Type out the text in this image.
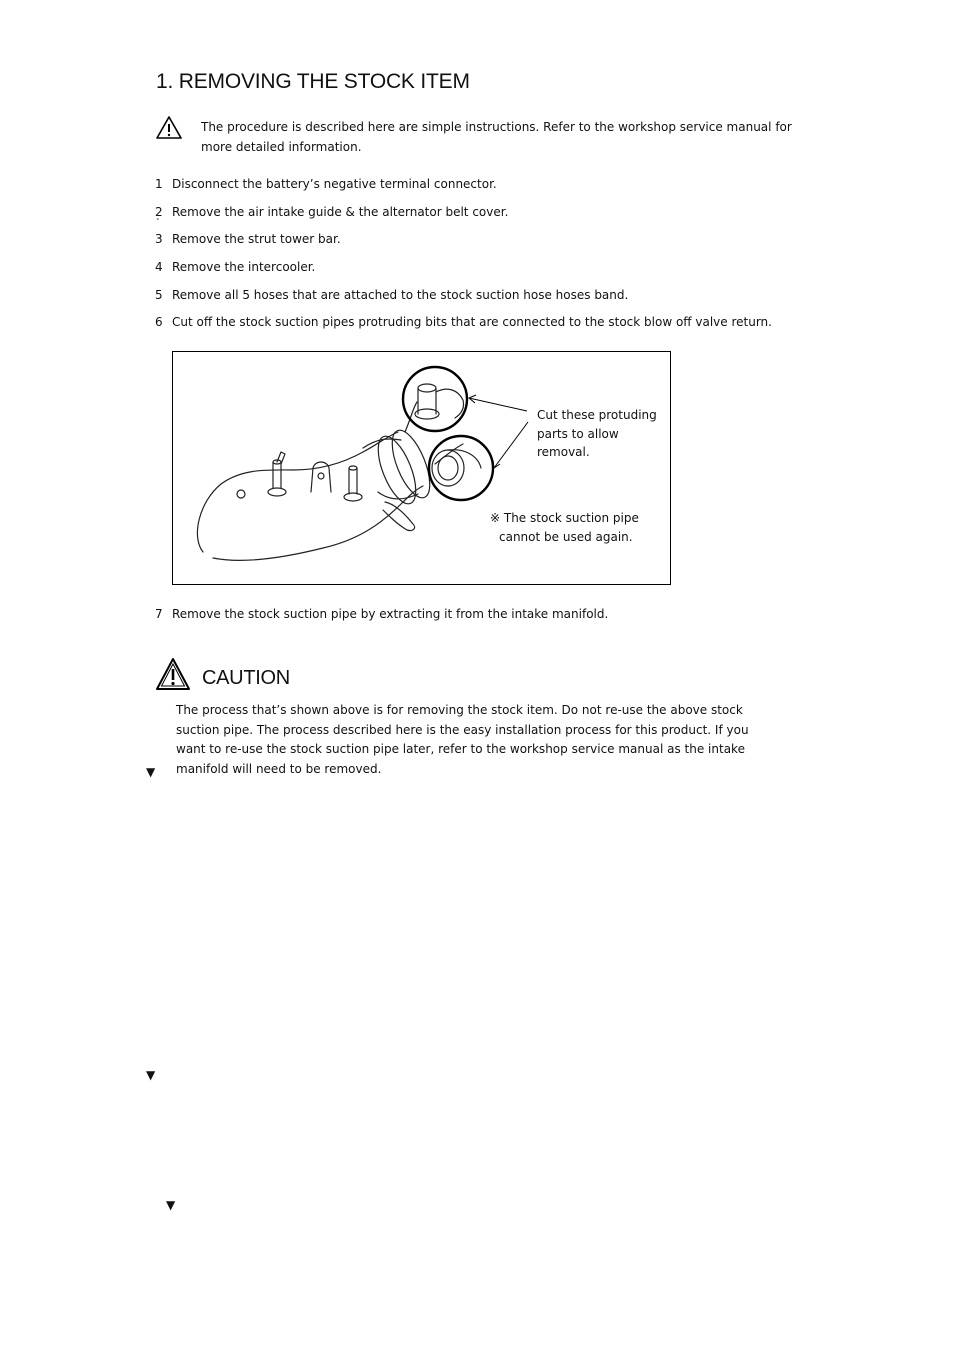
1. REMOVING THE STOCK ITEM
The procedure is described here are simple instructions. Refer to the workshop service manual for more detailed information.
1 Disconnect the battery’s negative terminal connector.
2 Remove the air intake guide & the alternator belt cover.
˅
3 Remove the strut tower bar.
4 Remove the intercooler.
5 Remove all 5 hoses that are attached to the stock suction hose hoses band.
6 Cut off the stock suction pipes protruding bits that are connected to the stock blow off valve return.
Cut these protuding parts to allow removal.
※ The stock suction pipe
cannot be used again.
7 Remove the stock suction pipe by extracting it from the intake manifold.
CAUTION
The process that’s shown above is for removing the stock item. Do not re-use the above stock suction pipe. The process described here is the easy installation process for this product. If you want to re-use the stock suction pipe later, refer to the workshop service manual as the intake manifold will need to be removed.
▼
▼
▼
